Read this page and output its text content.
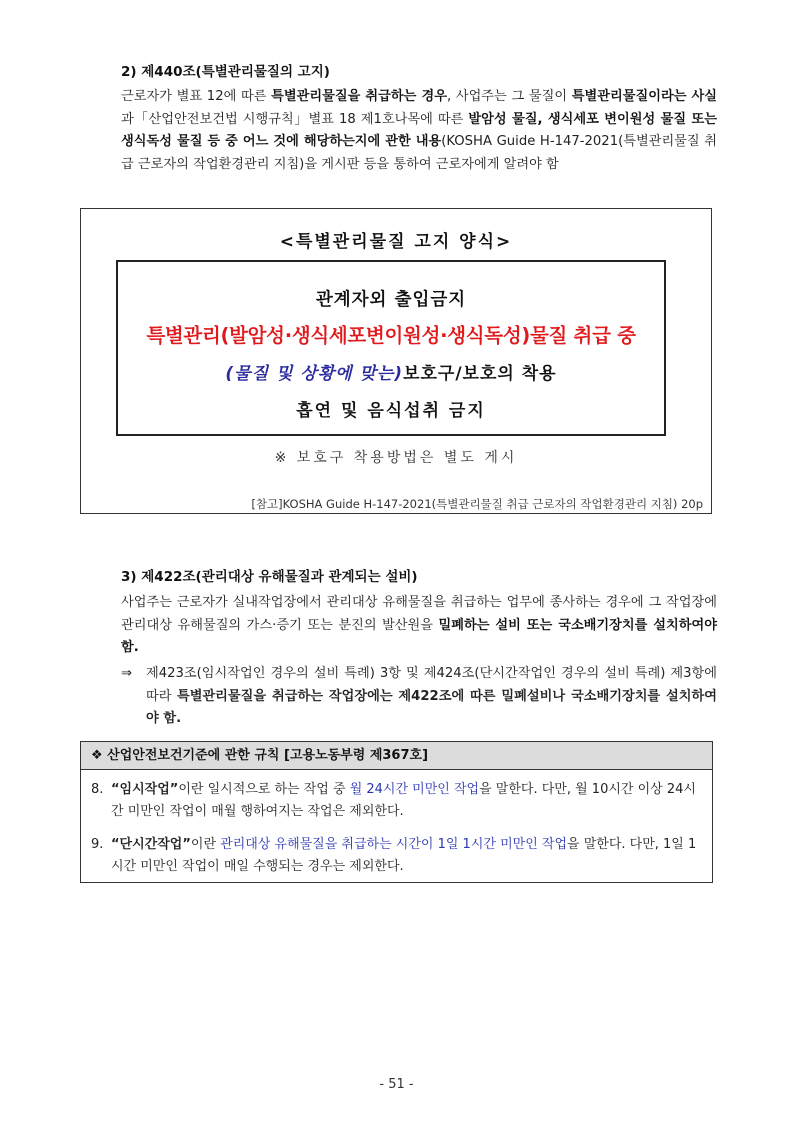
2) 제440조(특별관리물질의 고지)
근로자가 별표 12에 따른 특별관리물질을 취급하는 경우, 사업주는 그 물질이 특별관리물질이라는 사실과「산업안전보건법 시행규칙」별표 18 제1호나목에 따른 발암성 물질, 생식세포 변이원성 물질 또는 생식독성 물질 등 중 어느 것에 해당하는지에 관한 내용(KOSHA Guide H-147-2021(특별관리물질 취급 근로자의 작업환경관리 지침)을 게시판 등을 통하여 근로자에게 알려야 함
<특별관리물질 고지 양식>
관계자외 출입금지
특별관리(발암성·생식세포변이원성·생식독성)물질 취급 중
(물질 및 상황에 맞는)보호구/보호의 착용
흡연 및 음식섭취 금지
※ 보호구 착용방법은 별도 게시
[참고]KOSHA Guide H-147-2021(특별관리물질 취급 근로자의 작업환경관리 지침) 20p
3) 제422조(관리대상 유해물질과 관계되는 설비)
사업주는 근로자가 실내작업장에서 관리대상 유해물질을 취급하는 업무에 종사하는 경우에 그 작업장에 관리대상 유해물질의 가스·증기 또는 분진의 발산원을 밀폐하는 설비 또는 국소배기장치를 설치하여야 함.
⇒	제423조(임시작업인 경우의 설비 특례) 3항 및 제424조(단시간작업인 경우의 설비 특례) 제3항에 따라 특별관리물질을 취급하는 작업장에는 제422조에 따른 밀폐설비나 국소배기장치를 설치하여야 함.
❖ 산업안전보건기준에 관한 규칙 [고용노동부령 제367호]
8. “임시작업”이란 일시적으로 하는 작업 중 월 24시간 미만인 작업을 말한다. 다만, 월 10시간 이상 24시간 미만인 작업이 매월 행하여지는 작업은 제외한다.
9. “단시간작업”이란 관리대상 유해물질을 취급하는 시간이 1일 1시간 미만인 작업을 말한다. 다만, 1일 1시간 미만인 작업이 매일 수행되는 경우는 제외한다.
- 51 -
